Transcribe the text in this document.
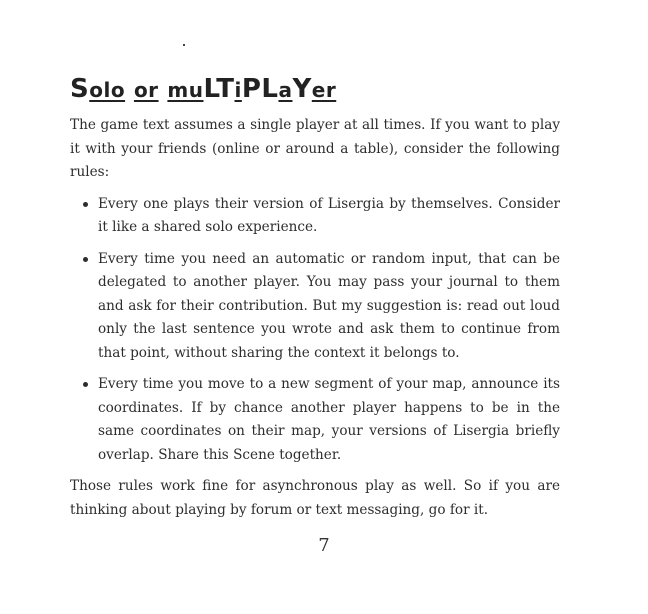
Solo or muLTiPLaYer

The game text assumes a single player at all times. If you want to play it with your friends (online or around a table), consider the following rules:

Every one plays their version of Lisergia by themselves. Consider it like a shared solo experience.
Every time you need an automatic or random input, that can be delegated to another player. You may pass your journal to them and ask for their contribution. But my suggestion is: read out loud only the last sentence you wrote and ask them to continue from that point, without sharing the context it belongs to.
Every time you move to a new segment of your map, announce its coordinates. If by chance another player happens to be in the same coordinates on their map, your versions of Lisergia briefly overlap. Share this Scene together.

Those rules work fine for asynchronous play as well. So if you are thinking about playing by forum or text messaging, go for it.

7
